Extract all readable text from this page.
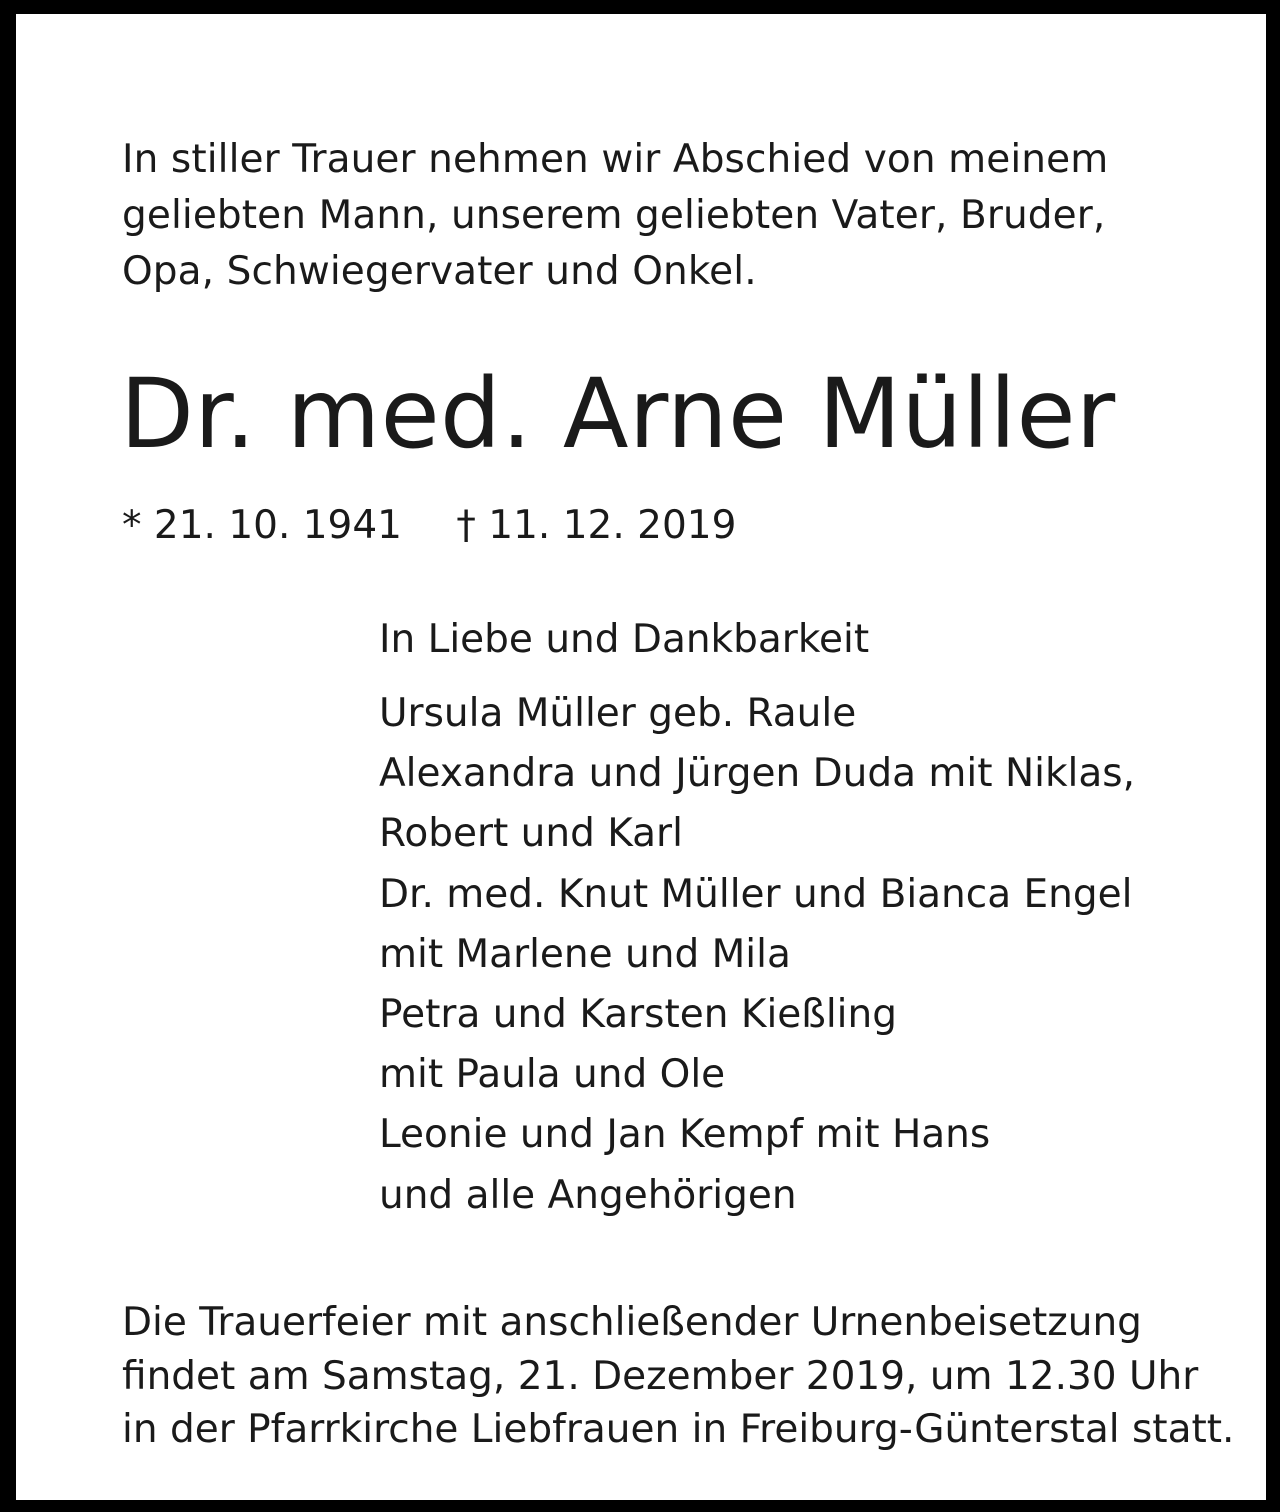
In stiller Trauer nehmen wir Abschied von meinem
geliebten Mann, unserem geliebten Vater, Bruder,
Opa, Schwiegervater und Onkel.

Dr. med. Arne Müller
* 21. 10. 1941 † 11. 12. 2019
In Liebe und Dankbarkeit
Ursula Müller geb. Raule
Alexandra und Jürgen Duda mit Niklas,
Robert und Karl
Dr. med. Knut Müller und Bianca Engel
mit Marlene und Mila
Petra und Karsten Kießling
mit Paula und Ole
Leonie und Jan Kempf mit Hans
und alle Angehörigen
Die Trauerfeier mit anschließender Urnenbeisetzung
findet am Samstag, 21. Dezember 2019, um 12.30 Uhr
in der Pfarrkirche Liebfrauen in Freiburg-Günterstal statt.
